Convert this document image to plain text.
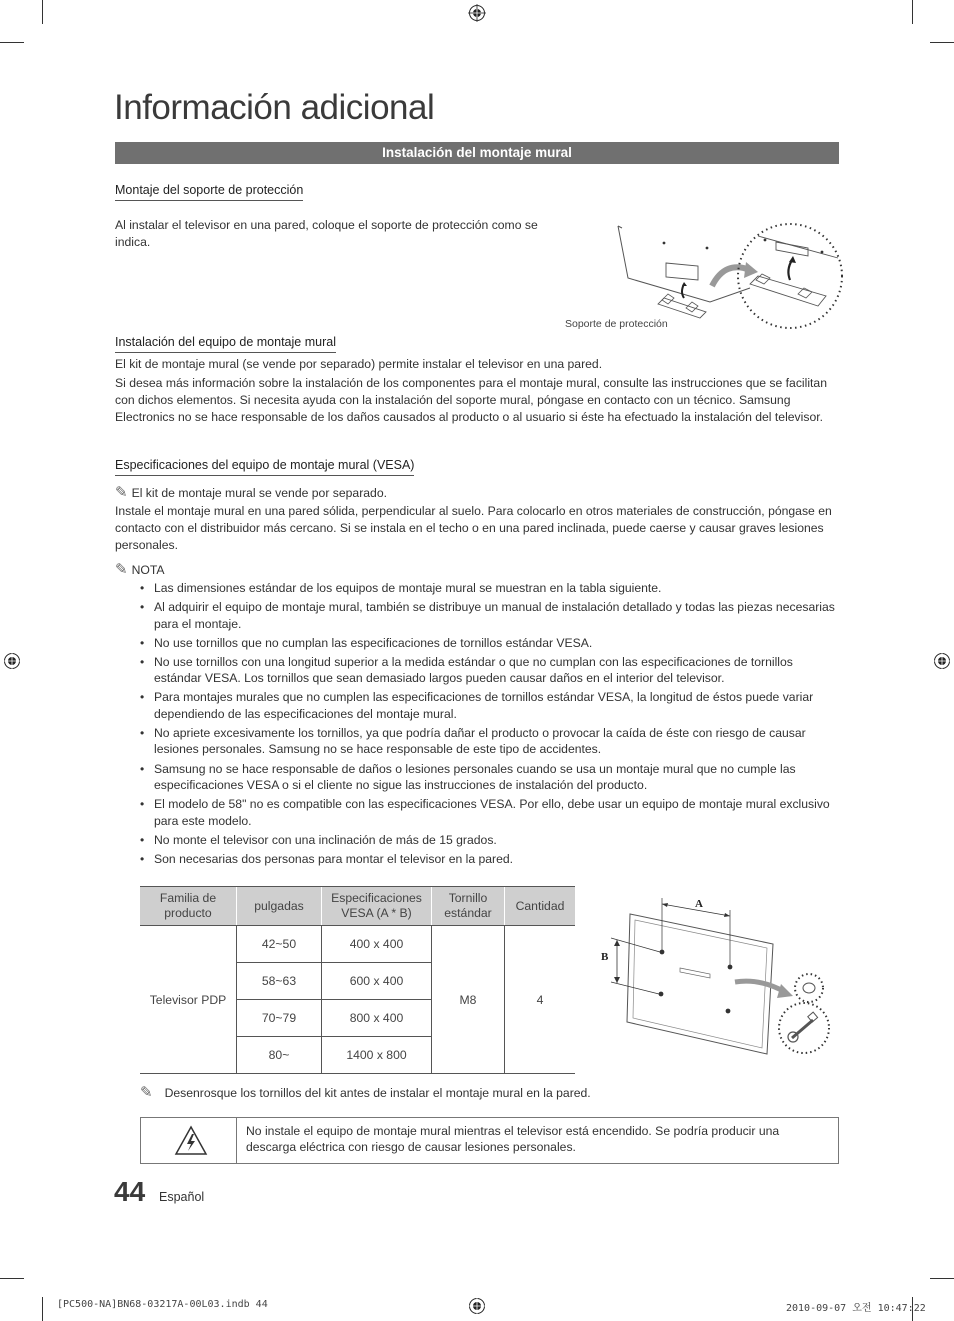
Información adicional
Instalación del montaje mural
Montaje del soporte de protección
Al instalar el televisor en una pared, coloque el soporte de protección como se indica.
Soporte de protección
Instalación del equipo de montaje mural
El kit de montaje mural (se vende por separado) permite instalar el televisor en una pared.
Si desea más información sobre la instalación de los componentes para el montaje mural, consulte las instrucciones que se facilitan con dichos elementos. Si necesita ayuda con la instalación del soporte mural, póngase en contacto con un técnico. Samsung Electronics no se hace responsable de los daños causados al producto o al usuario si éste ha efectuado la instalación del televisor.
Especificaciones del equipo de montaje mural (VESA)
✎ El kit de montaje mural se vende por separado.
Instale el montaje mural en una pared sólida, perpendicular al suelo. Para colocarlo en otros materiales de construcción, póngase en contacto con el distribuidor más cercano. Si se instala en el techo o en una pared inclinada, puede caerse y causar graves lesiones personales.
✎ NOTA
• Las dimensiones estándar de los equipos de montaje mural se muestran en la tabla siguiente.
• Al adquirir el equipo de montaje mural, también se distribuye un manual de instalación detallado y todas las piezas necesarias para el montaje.
• No use tornillos que no cumplan las especificaciones de tornillos estándar VESA.
• No use tornillos con una longitud superior a la medida estándar o que no cumplan con las especificaciones de tornillos estándar VESA. Los tornillos que sean demasiado largos pueden causar daños en el interior del televisor.
• Para montajes murales que no cumplen las especificaciones de tornillos estándar VESA, la longitud de éstos puede variar dependiendo de las especificaciones del montaje mural.
• No apriete excesivamente los tornillos, ya que podría dañar el producto o provocar la caída de éste con riesgo de causar lesiones personales. Samsung no se hace responsable de este tipo de accidentes.
• Samsung no se hace responsable de daños o lesiones personales cuando se usa un montaje mural que no cumple las especificaciones VESA o si el cliente no sigue las instrucciones de instalación del producto.
• El modelo de 58" no es compatible con las especificaciones VESA. Por ello, debe usar un equipo de montaje mural exclusivo para este modelo.
• No monte el televisor con una inclinación de más de 15 grados.
• Son necesarias dos personas para montar el televisor en la pared.
Familia de producto	pulgadas	Especificaciones VESA (A * B)	Tornillo estándar	Cantidad
Televisor PDP	42~50	400 x 400	M8	4
	58~63	600 x 400		
	70~79	800 x 400		
	80~	1400 x 800		
A
B
✎ Desenrosque los tornillos del kit antes de instalar el montaje mural en la pared.
No instale el equipo de montaje mural mientras el televisor está encendido. Se podría producir una descarga eléctrica con riesgo de causar lesiones personales.
44 Español
[PC500-NA]BN68-03217A-00L03.indb 44	2010-09-07 오전 10:47:22
